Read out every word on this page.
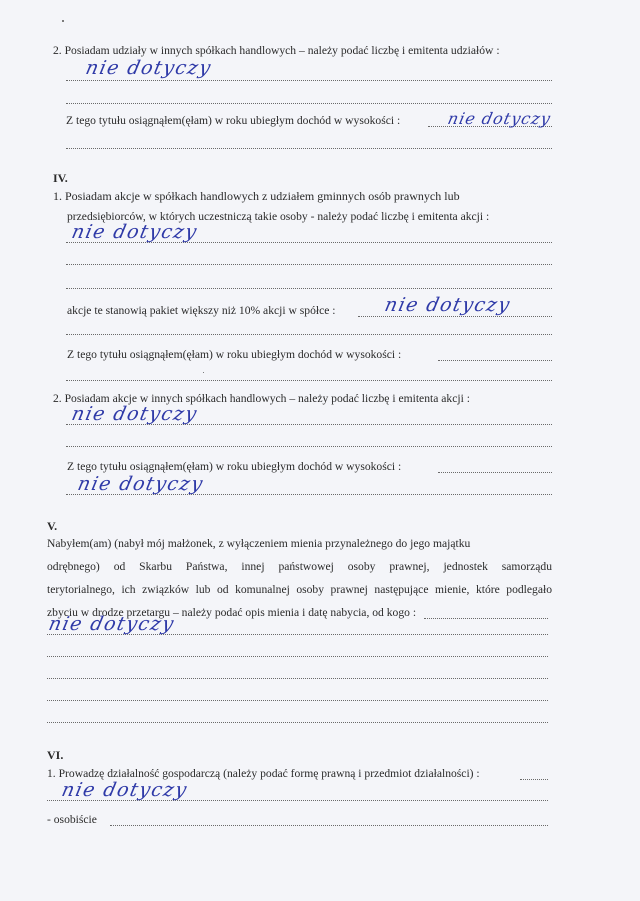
2. Posiadam udziały w innych spółkach handlowych – należy podać liczbę i emitenta udziałów :
nie dotyczy
Z tego tytułu osiągnąłem(ęłam) w roku ubiegłym dochód w wysokości :	nie dotyczy
IV.
1. Posiadam akcje w spółkach handlowych z udziałem gminnych osób prawnych lub
przedsiębiorców, w których uczestniczą takie osoby - należy podać liczbę i emitenta akcji :
nie dotyczy
akcje te stanowią pakiet większy niż 10% akcji w spółce : nie dotyczy
Z tego tytułu osiągnąłem(ęłam) w roku ubiegłym dochód w wysokości :
2. Posiadam akcje w innych spółkach handlowych – należy podać liczbę i emitenta akcji :
nie dotyczy
Z tego tytułu osiągnąłem(ęłam) w roku ubiegłym dochód w wysokości :
nie dotyczy
V.
Nabyłem(am) (nabył mój małżonek, z wyłączeniem mienia przynależnego do jego majątku
odrębnego) od Skarbu Państwa, innej państwowej osoby prawnej, jednostek samorządu
terytorialnego, ich związków lub od komunalnej osoby prawnej następujące mienie, które podlegało
zbyciu w drodze przetargu – należy podać opis mienia i datę nabycia, od kogo :
nie dotyczy
VI.
1. Prowadzę działalność gospodarczą (należy podać formę prawną i przedmiot działalności) :
nie dotyczy
- osobiście
